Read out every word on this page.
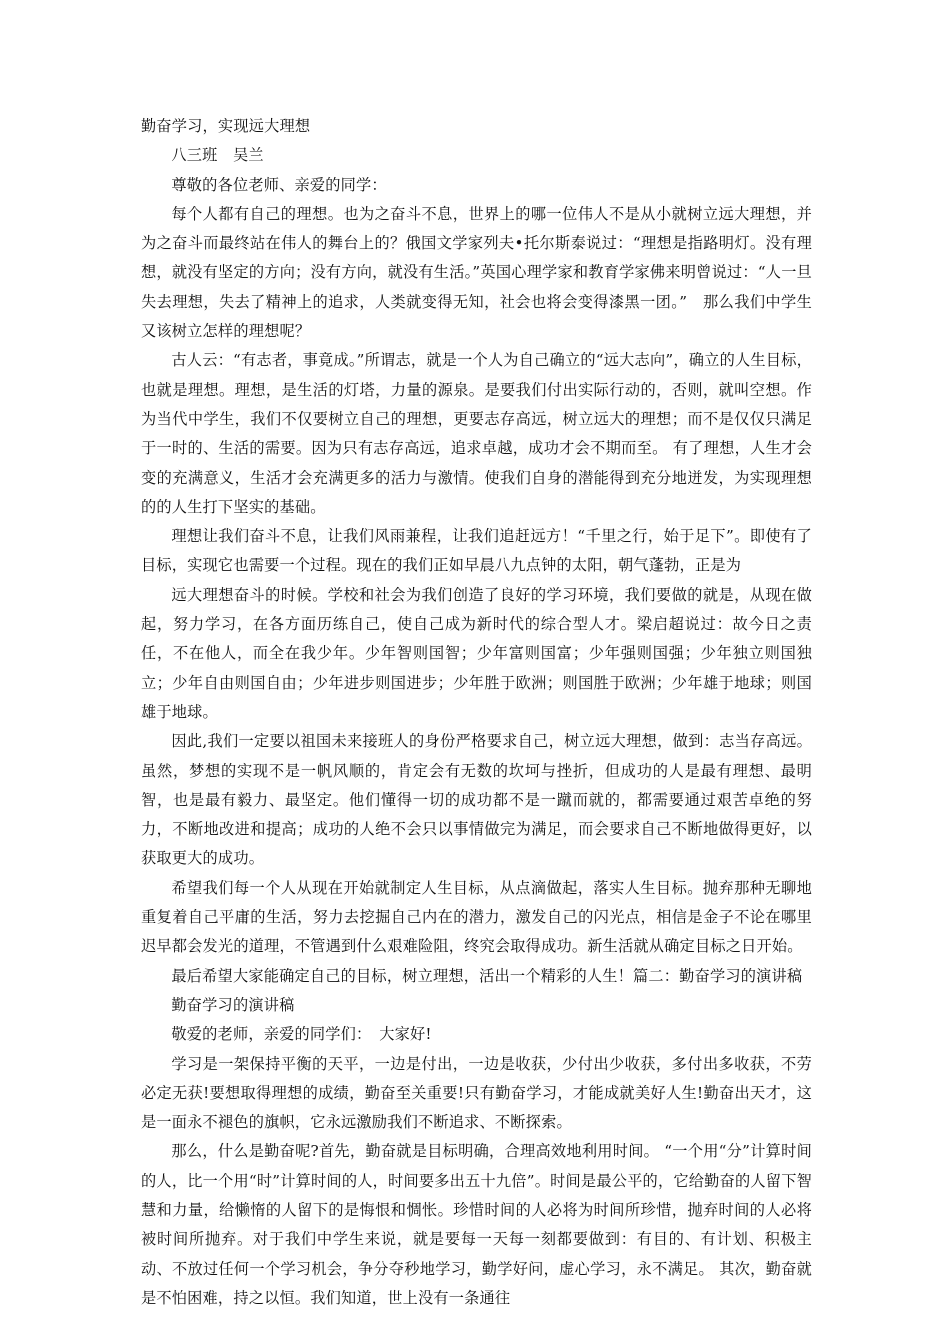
勤奋学习，实现远大理想

八三班　吴兰

尊敬的各位老师、亲爱的同学：

每个人都有自己的理想。也为之奋斗不息，世界上的哪一位伟人不是从小就树立远大理想，并为之奋斗而最终站在伟人的舞台上的？俄国文学家列夫•托尔斯泰说过：“理想是指路明灯。没有理想，就没有坚定的方向；没有方向，就没有生活。”英国心理学家和教育学家佛来明曾说过：“人一旦失去理想，失去了精神上的追求，人类就变得无知，社会也将会变得漆黑一团。”　那么我们中学生又该树立怎样的理想呢？

古人云：“有志者，事竟成。”所谓志，就是一个人为自己确立的“远大志向”，确立的人生目标，也就是理想。理想，是生活的灯塔，力量的源泉。是要我们付出实际行动的，否则，就叫空想。作为当代中学生，我们不仅要树立自己的理想，更要志存高远，树立远大的理想；而不是仅仅只满足于一时的、生活的需要。因为只有志存高远，追求卓越，成功才会不期而至。 有了理想，人生才会变的充满意义，生活才会充满更多的活力与激情。使我们自身的潜能得到充分地迸发，为实现理想的的人生打下坚实的基础。

理想让我们奋斗不息，让我们风雨兼程，让我们追赶远方！“千里之行，始于足下”。即使有了目标，实现它也需要一个过程。现在的我们正如早晨八九点钟的太阳，朝气蓬勃，正是为

远大理想奋斗的时候。学校和社会为我们创造了良好的学习环境，我们要做的就是，从现在做起，努力学习，在各方面历练自己，使自己成为新时代的综合型人才。梁启超说过：故今日之责任，不在他人，而全在我少年。少年智则国智；少年富则国富；少年强则国强；少年独立则国独立；少年自由则国自由；少年进步则国进步；少年胜于欧洲；则国胜于欧洲；少年雄于地球；则国雄于地球。

因此,我们一定要以祖国未来接班人的身份严格要求自己，树立远大理想，做到：志当存高远。虽然，梦想的实现不是一帆风顺的，肯定会有无数的坎坷与挫折，但成功的人是最有理想、最明智，也是最有毅力、最坚定。他们懂得一切的成功都不是一蹴而就的，都需要通过艰苦卓绝的努力，不断地改进和提高；成功的人绝不会只以事情做完为满足，而会要求自己不断地做得更好，以获取更大的成功。

希望我们每一个人从现在开始就制定人生目标，从点滴做起，落实人生目标。抛弃那种无聊地重复着自己平庸的生活，努力去挖掘自己内在的潜力，激发自己的闪光点，相信是金子不论在哪里迟早都会发光的道理，不管遇到什么艰难险阻，终究会取得成功。新生活就从确定目标之日开始。

最后希望大家能确定自己的目标，树立理想，活出一个精彩的人生！篇二：勤奋学习的演讲稿

勤奋学习的演讲稿

敬爱的老师，亲爱的同学们：　大家好!

学习是一架保持平衡的天平，一边是付出，一边是收获，少付出少收获，多付出多收获，不劳必定无获!要想取得理想的成绩，勤奋至关重要!只有勤奋学习，才能成就美好人生!勤奋出天才，这是一面永不褪色的旗帜，它永远激励我们不断追求、不断探索。

那么，什么是勤奋呢?首先，勤奋就是目标明确，合理高效地利用时间。 “一个用“分”计算时间的人，比一个用“时”计算时间的人，时间要多出五十九倍”。时间是最公平的，它给勤奋的人留下智慧和力量，给懒惰的人留下的是悔恨和惆怅。珍惜时间的人必将为时间所珍惜，抛弃时间的人必将被时间所抛弃。对于我们中学生来说，就是要每一天每一刻都要做到：有目的、有计划、积极主动、不放过任何一个学习机会，争分夺秒地学习，勤学好问，虚心学习，永不满足。 其次，勤奋就是不怕困难，持之以恒。我们知道，世上没有一条通往
